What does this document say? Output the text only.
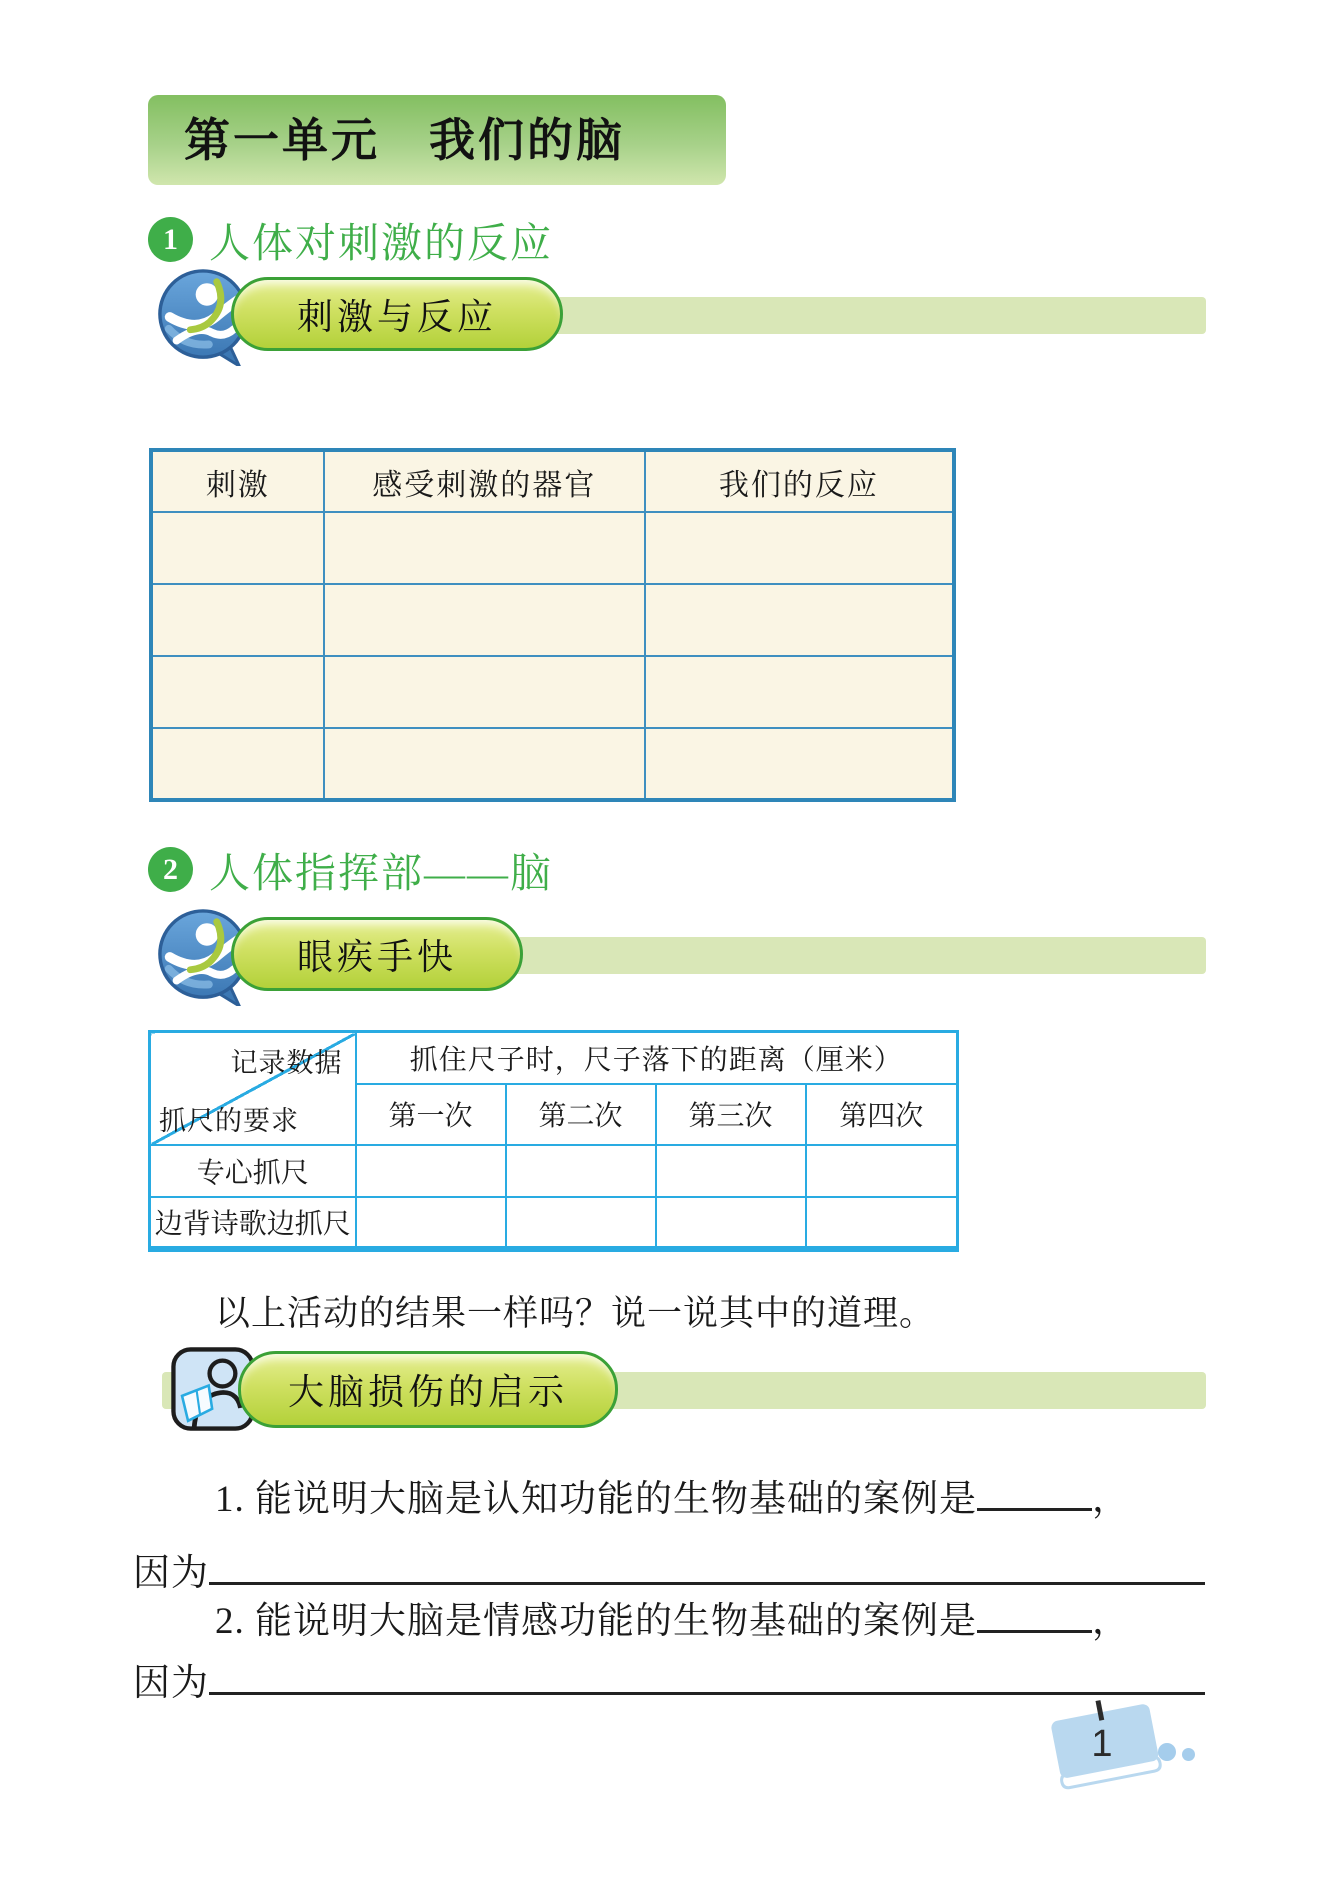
第一单元　我们的脑
1 人体对刺激的反应
刺激与反应
刺激	感受刺激的器官	我们的反应

2 人体指挥部——脑
眼疾手快
记录数据
抓尺的要求	抓住尺子时，尺子落下的距离（厘米）			
	第一次	第二次	第三次	第四次
专心抓尺				
边背诗歌边抓尺				
以上活动的结果一样吗？说一说其中的道理。
大脑损伤的启示
1. 能说明大脑是认知功能的生物基础的案例是	，
因为
2. 能说明大脑是情感功能的生物基础的案例是	，
因为
1
